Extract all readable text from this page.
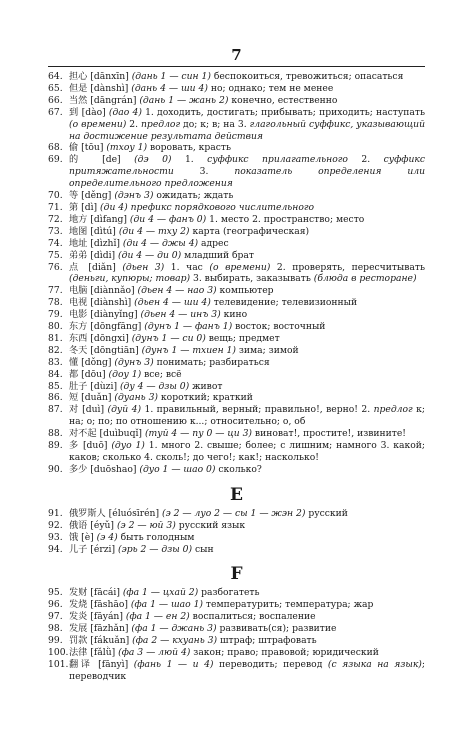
7
64. 担心 [dānxīn] (дань 1 — син 1) беспокоиться, тревожиться; опасаться
65. 但是 [dànshì] (дань 4 — ши 4) но; однако; тем не менее
66. 当然 [dāngrán] (дань 1 — жань 2) конечно, естественно
67. 到 [dào] (дао 4) 1. доходить, достигать; прибывать; приходить; наступать (о времени) 2. предлог до; к; в; на 3. глагольный суффикс, указывающий на достижение результата действия
68. 偷 [tōu] (тхоу 1) воровать, красть
69. 的 [de] (дэ 0) 1. суффикс прилагательного 2. суффикс притяжательности 3. показатель определения или определительного предложения
70. 等 [děng] (дэнъ 3) ожидать; ждать
71. 第 [dì] (ди 4) префикс порядкового числительного
72. 地方 [dìfang] (ди 4 — фанъ 0) 1. место 2. пространство; место
73. 地图 [dìtú] (ди 4 — тху 2) карта (географическая)
74. 地址 [dìzhǐ] (ди 4 — джы 4) адрес
75. 弟弟 [dìdi] (ди 4 — ди 0) младший брат
76. 点 [diǎn] (дьен 3) 1. час (о времени) 2. проверять, пересчитывать (деньги, купюры; товар) 3. выбирать, заказывать (блюда в ресторане)
77. 电脑 [diànnǎo] (дьен 4 — нао 3) компьютер
78. 电视 [diànshì] (дьен 4 — ши 4) телевидение; телевизионный
79. 电影 [diànyǐng] (дьен 4 — инъ 3) кино
80. 东方 [dōngfāng] (дунъ 1 — фанъ 1) восток; восточный
81. 东西 [dōngxi] (дунъ 1 — си 0) вещь; предмет
82. 冬天 [dōngtiān] (дунъ 1 — тхиен 1) зима; зимой
83. 懂 [dǒng] (дунъ 3) понимать; разбираться
84. 都 [dōu] (доу 1) все; всё
85. 肚子 [dùzi] (ду 4 — дзы 0) живот
86. 短 [duǎn] (дуань 3) короткий; краткий
87. 对 [duì] (дуй 4) 1. правильный, верный; правильно!, верно! 2. предлог к; на; о; по; по отношению к...; относительно; о, об
88. 对不起 [duìbuqǐ] (туй 4 — пу 0 — ци 3) виноват!, простите!, извините!
89. 多 [duō] (дуо 1) 1. много 2. свыше; более; с лишним; намного 3. какой; каков; сколько 4. сколь!; до чего!; как!; насколько!
90. 多少 [duōshao] (дуо 1 — шао 0) сколько?
E
91. 俄罗斯人 [éluósīrén] (э 2 — луо 2 — сы 1 — жэн 2) русский
92. 俄语 [éyǔ] (э 2 — юй 3) русский язык
93. 饿 [è] (э 4) быть голодным
94. 儿子 [érzi] (эрь 2 — дзы 0) сын
F
95. 发财 [fācái] (фа 1 — цхай 2) разбогатеть
96. 发烧 [fāshāo] (фа 1 — шао 1) температурить; температура; жар
97. 发炎 [fāyán] (фа 1 — ен 2) воспалиться; воспаление
98. 发展 [fāzhǎn] (фа 1 — джань 3) развивать(ся); развитие
99. 罚款 [fákuǎn] (фа 2 — кхуань 3) штраф; штрафовать
100. 法律 [fǎlǜ] (фа 3 — люй 4) закон; право; правовой; юридический
101. 翻译 [fānyì] (фань 1 — и 4) переводить; перевод (с языка на язык); переводчик
